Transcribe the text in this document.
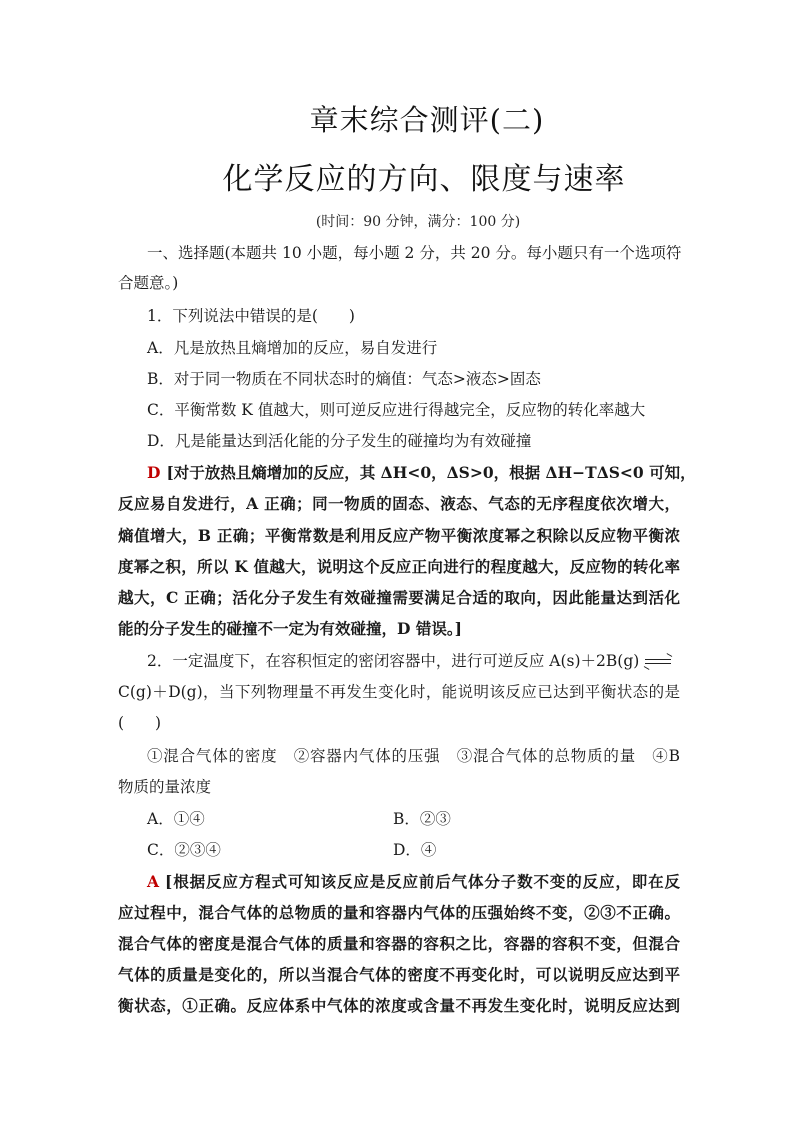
章末综合测评(二)
化学反应的方向、限度与速率
(时间：90 分钟，满分：100 分)
一、选择题(本题共 10 小题，每小题 2 分，共 20 分。每小题只有一个选项符
合题意。)
1．下列说法中错误的是(　　)
A．凡是放热且熵增加的反应，易自发进行
B．对于同一物质在不同状态时的熵值：气态>液态>固态
C．平衡常数 K 值越大，则可逆反应进行得越完全，反应物的转化率越大
D．凡是能量达到活化能的分子发生的碰撞均为有效碰撞
D [对于放热且熵增加的反应，其 ΔH<0，ΔS>0，根据 ΔH−TΔS<0 可知，
反应易自发进行，A 正确；同一物质的固态、液态、气态的无序程度依次增大，
熵值增大，B 正确；平衡常数是利用反应产物平衡浓度幂之积除以反应物平衡浓
度幂之积，所以 K 值越大，说明这个反应正向进行的程度越大，反应物的转化率
越大，C 正确；活化分子发生有效碰撞需要满足合适的取向，因此能量达到活化
能的分子发生的碰撞不一定为有效碰撞，D 错误。]
2．一定温度下，在容积恒定的密闭容器中，进行可逆反应 A(s)＋2B(g) ⇌
C(g)＋D(g)，当下列物理量不再发生变化时，能说明该反应已达到平衡状态的是
(　　)
①混合气体的密度　②容器内气体的压强　③混合气体的总物质的量　④B
物质的量浓度
A．①④	B．②③
C．②③④	D．④
A [根据反应方程式可知该反应是反应前后气体分子数不变的反应，即在反
应过程中，混合气体的总物质的量和容器内气体的压强始终不变，②③不正确。
混合气体的密度是混合气体的质量和容器的容积之比，容器的容积不变，但混合
气体的质量是变化的，所以当混合气体的密度不再变化时，可以说明反应达到平
衡状态，①正确。反应体系中气体的浓度或含量不再发生变化时，说明反应达到
